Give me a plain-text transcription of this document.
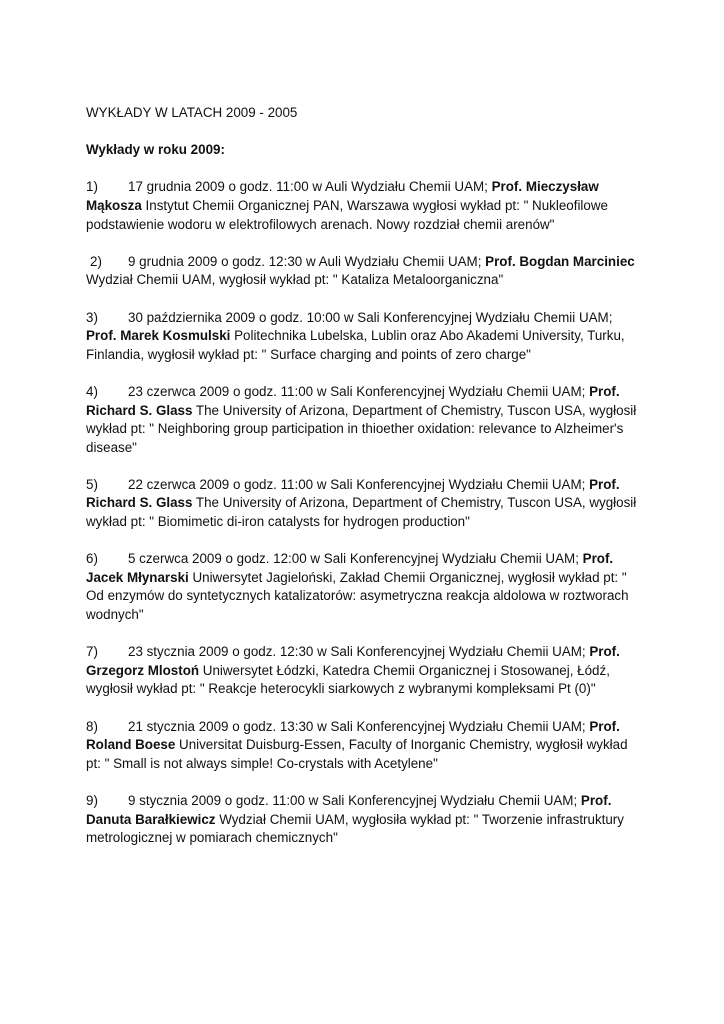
WYKŁADY W LATACH 2009 - 2005

Wykłady w roku 2009:

1) 17 grudnia 2009 o godz. 11:00 w Auli Wydziału Chemii UAM; Prof. Mieczysław Mąkosza Instytut Chemii Organicznej PAN, Warszawa wygłosi wykład pt: " Nukleofilowe podstawienie wodoru w elektrofilowych arenach. Nowy rozdział chemii arenów"

2) 9 grudnia 2009 o godz. 12:30 w Auli Wydziału Chemii UAM; Prof. Bogdan Marciniec Wydział Chemii UAM, wygłosił wykład pt: " Kataliza Metaloorganiczna"

3) 30 października 2009 o godz. 10:00 w Sali Konferencyjnej Wydziału Chemii UAM; Prof. Marek Kosmulski Politechnika Lubelska, Lublin oraz Abo Akademi University, Turku, Finlandia, wygłosił wykład pt: " Surface charging and points of zero charge"

4) 23 czerwca 2009 o godz. 11:00 w Sali Konferencyjnej Wydziału Chemii UAM; Prof. Richard S. Glass The University of Arizona, Department of Chemistry, Tuscon USA, wygłosił wykład pt: " Neighboring group participation in thioether oxidation: relevance to Alzheimer's disease"

5) 22 czerwca 2009 o godz. 11:00 w Sali Konferencyjnej Wydziału Chemii UAM; Prof. Richard S. Glass The University of Arizona, Department of Chemistry, Tuscon USA, wygłosił wykład pt: " Biomimetic di-iron catalysts for hydrogen production"

6) 5 czerwca 2009 o godz. 12:00 w Sali Konferencyjnej Wydziału Chemii UAM; Prof. Jacek Młynarski Uniwersytet Jagieloński, Zakład Chemii Organicznej, wygłosił wykład pt: " Od enzymów do syntetycznych katalizatorów: asymetryczna reakcja aldolowa w roztworach wodnych"

7) 23 stycznia 2009 o godz. 12:30 w Sali Konferencyjnej Wydziału Chemii UAM; Prof. Grzegorz Mlostoń Uniwersytet Łódzki, Katedra Chemii Organicznej i Stosowanej, Łódź, wygłosił wykład pt: " Reakcje heterocykli siarkowych z wybranymi kompleksami Pt (0)"

8) 21 stycznia 2009 o godz. 13:30 w Sali Konferencyjnej Wydziału Chemii UAM; Prof. Roland Boese Universitat Duisburg-Essen, Faculty of Inorganic Chemistry, wygłosił wykład pt: " Small is not always simple! Co-crystals with Acetylene"

9) 9 stycznia 2009 o godz. 11:00 w Sali Konferencyjnej Wydziału Chemii UAM; Prof. Danuta Barałkiewicz Wydział Chemii UAM, wygłosiła wykład pt: " Tworzenie infrastruktury metrologicznej w pomiarach chemicznych"
